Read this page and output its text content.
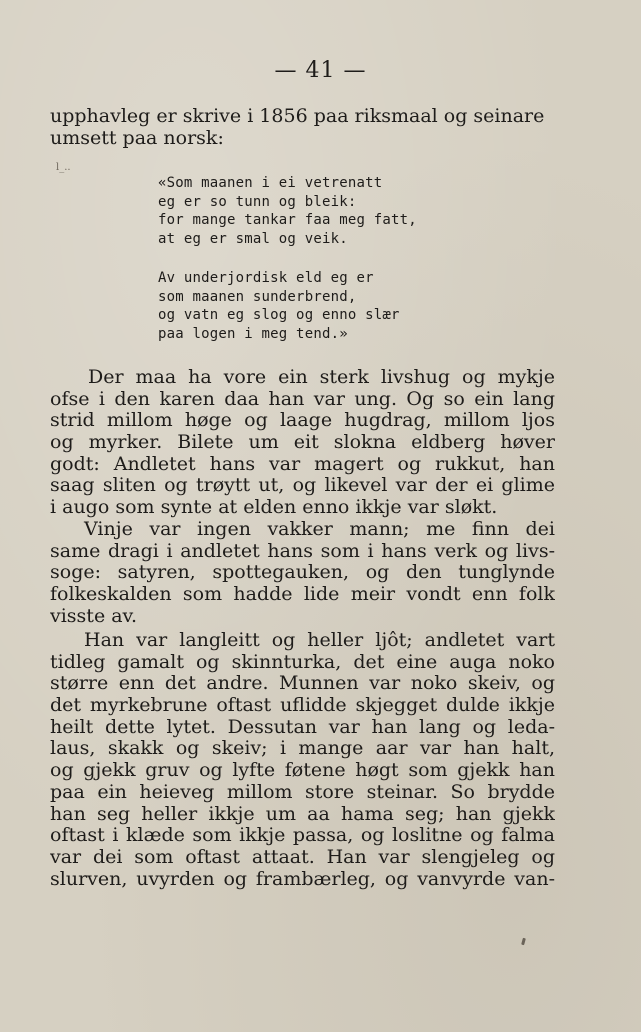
— 41 —
upphavleg er skrive i 1856 paa riksmaal og seinare
umsett paa norsk:
l_..
«Som maanen i ei vetrenatt
eg er so tunn og bleik:
for mange tankar faa meg fatt,
at eg er smal og veik.
Av underjordisk eld eg er
som maanen sunderbrend,
og vatn eg slog og enno slær
paa logen i meg tend.»
Der maa ha vore ein sterk livshug og mykje
ofse i den karen daa han var ung. Og so ein lang
strid millom høge og laage hugdrag, millom ljos
og myrker. Bilete um eit slokna eldberg høver
godt: Andletet hans var magert og rukkut, han
saag sliten og trøytt ut, og likevel var der ei glime
i augo som synte at elden enno ikkje var sløkt.
Vinje var ingen vakker mann; me finn dei
same dragi i andletet hans som i hans verk og livs-
soge: satyren, spottegauken, og den tunglynde
folkeskalden som hadde lide meir vondt enn folk
visste av.
Han var langleitt og heller ljôt; andletet vart
tidleg gamalt og skinnturka, det eine auga noko
større enn det andre. Munnen var noko skeiv, og
det myrkebrune oftast uflidde skjegget dulde ikkje
heilt dette lytet. Dessutan var han lang og leda-
laus, skakk og skeiv; i mange aar var han halt,
og gjekk gruv og lyfte føtene høgt som gjekk han
paa ein heieveg millom store steinar. So brydde
han seg heller ikkje um aa hama seg; han gjekk
oftast i klæde som ikkje passa, og loslitne og falma
var dei som oftast attaat. Han var slengjeleg og
slurven, uvyrden og frambærleg, og vanvyrde van-
